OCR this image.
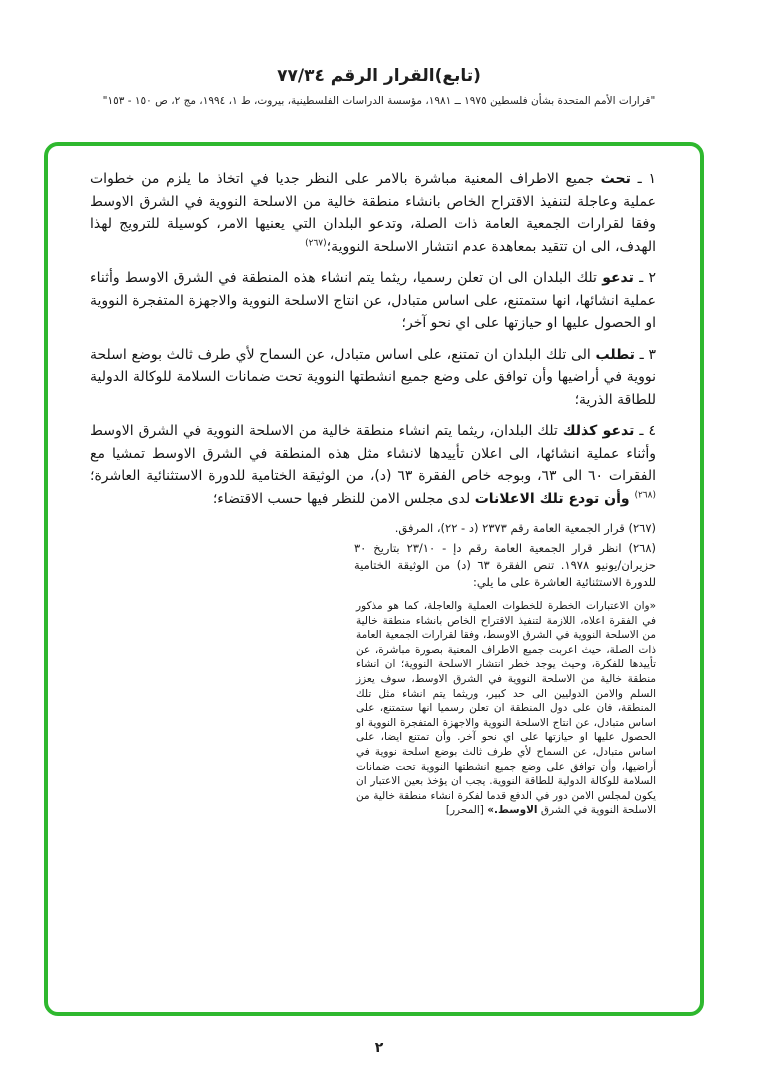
(تابع)القرار الرقم ٧٧/٣٤
"قرارات الأمم المتحدة بشأن فلسطين ١٩٧٥ ــ ١٩٨١، مؤسسة الدراسات الفلسطينية، بيروت، ط ١، ١٩٩٤، مج ٢، ص ١٥٠ - ١٥٣"

١ ـ تحث جميع الاطراف المعنية مباشرة بالامر على النظر جديا في اتخاذ ما يلزم من خطوات عملية وعاجلة لتنفيذ الاقتراح الخاص بانشاء منطقة خالية من الاسلحة النووية في الشرق الاوسط وفقا لقرارات الجمعية العامة ذات الصلة، وتدعو البلدان التي يعنيها الامر، كوسيلة للترويج لهذا الهدف، الى ان تتقيد بمعاهدة عدم انتشار الاسلحة النووية؛$^{(٢٦٧)}$

٢ ـ تدعو تلك البلدان الى ان تعلن رسميا، ريثما يتم انشاء هذه المنطقة في الشرق الاوسط وأثناء عملية انشائها، انها ستمتنع، على اساس متبادل، عن انتاج الاسلحة النووية والاجهزة المتفجرة النووية او الحصول عليها او حيازتها على اي نحو آخر؛

٣ ـ تطلب الى تلك البلدان ان تمتنع، على اساس متبادل، عن السماح لأي طرف ثالث بوضع اسلحة نووية في أراضيها وأن توافق على وضع جميع انشطتها النووية تحت ضمانات السلامة للوكالة الدولية للطاقة الذرية؛

٤ ـ تدعو كذلك تلك البلدان، ريثما يتم انشاء منطقة خالية من الاسلحة النووية في الشرق الاوسط وأثناء عملية انشائها، الى اعلان تأييدها لانشاء مثل هذه المنطقة في الشرق الاوسط تمشيا مع الفقرات ٦٠ الى ٦٣، وبوجه خاص الفقرة ٦٣ (د)، من الوثيقة الختامية للدورة الاستثنائية العاشرة؛$^{(٢٦٨)}$ وأن تودع تلك الاعلانات لدى مجلس الامن للنظر فيها حسب الاقتضاء؛

(٢٦٧) قرار الجمعية العامة رقم ٢٣٧٣ (د - ٢٢)، المرفق.
(٢٦٨) انظر قرار الجمعية العامة رقم دإ - ٢٣/١٠ بتاريخ ٣٠ حزيران/يونيو ١٩٧٨. تنص الفقرة ٦٣ (د) من الوثيقة الختامية للدورة الاستثنائية العاشرة على ما يلي:
«وان الاعتبارات الخطرة للخطوات العملية والعاجلة، كما هو مذكور في الفقرة اعلاه، اللازمة لتنفيذ الاقتراح الخاص بانشاء منطقة خالية من الاسلحة النووية في الشرق الاوسط، وفقا لقرارات الجمعية العامة ذات الصلة، حيث اعربت جميع الاطراف المعنية بصورة مباشرة، عن تأييدها للفكرة، وحيث يوجد خطر انتشار الاسلحة النووية؛ ان انشاء منطقة خالية من الاسلحة النووية في الشرق الاوسط، سوف يعزز السلم والامن الدوليين الى حد كبير، وريثما يتم انشاء مثل تلك المنطقة، فان على دول المنطقة ان تعلن رسميا انها ستمتنع، على اساس متبادل، عن انتاج الاسلحة النووية والاجهزة المتفجرة النووية او الحصول عليها او حيازتها على اي نحو آخر. وأن تمتنع ايضا، على اساس متبادل، عن السماح لأي طرف ثالث بوضع اسلحة نووية في أراضيها، وأن توافق على وضع جميع انشطتها النووية تحت ضمانات السلامة للوكالة الدولية للطاقة النووية. يجب ان يؤخذ بعين الاعتبار ان يكون لمجلس الامن دور في الدفع قدما لفكرة انشاء منطقة خالية من الاسلحة النووية في الشرق الاوسط.» [المحرر]
٢
